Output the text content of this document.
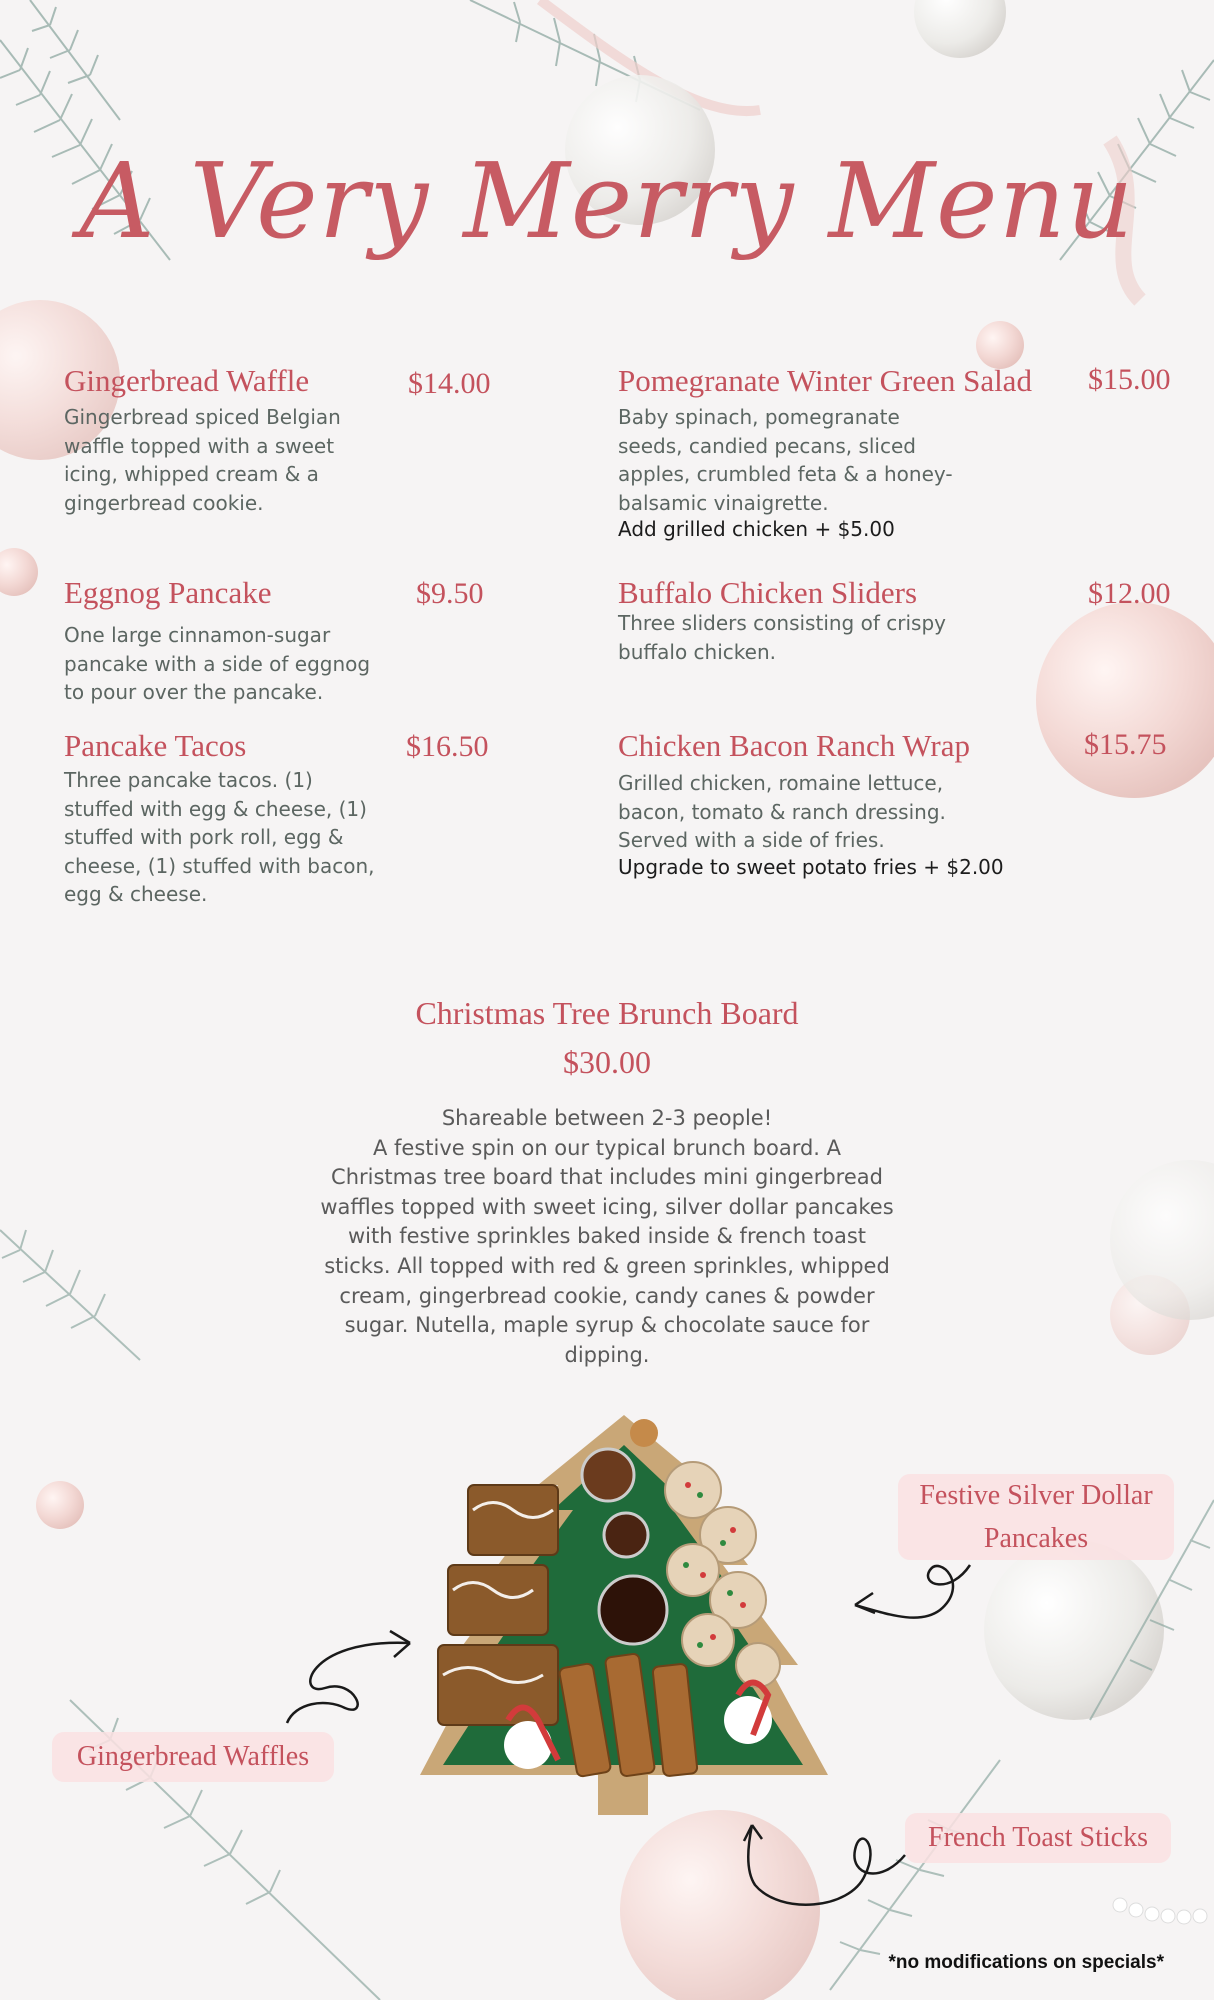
A Very Merry Menu
Gingerbread Waffle	$14.00
Gingerbread spiced Belgian
waffle topped with a sweet
icing, whipped cream & a
gingerbread cookie.
Eggnog Pancake	$9.50
One large cinnamon-sugar
pancake with a side of eggnog
to pour over the pancake.
Pancake Tacos	$16.50
Three pancake tacos. (1)
stuffed with egg & cheese, (1)
stuffed with pork roll, egg &
cheese, (1) stuffed with bacon,
egg & cheese.
Pomegranate Winter Green Salad $15.00
Baby spinach, pomegranate
seeds, candied pecans, sliced
apples, crumbled feta & a honey-
balsamic vinaigrette.
Add grilled chicken + $5.00
Buffalo Chicken Sliders	$12.00
Three sliders consisting of crispy
buffalo chicken.
Chicken Bacon Ranch Wrap	$15.75
Grilled chicken, romaine lettuce,
bacon, tomato & ranch dressing.
Served with a side of fries.
Upgrade to sweet potato fries + $2.00
Christmas Tree Brunch Board
$30.00
Shareable between 2-3 people!
A festive spin on our typical brunch board. A
Christmas tree board that includes mini gingerbread
waffles topped with sweet icing, silver dollar pancakes
with festive sprinkles baked inside & french toast
sticks. All topped with red & green sprinkles, whipped
cream, gingerbread cookie, candy canes & powder
sugar. Nutella, maple syrup & chocolate sauce for
dipping.
Festive Silver Dollar
Pancakes
Gingerbread Waffles
French Toast Sticks
*no modifications on specials*
